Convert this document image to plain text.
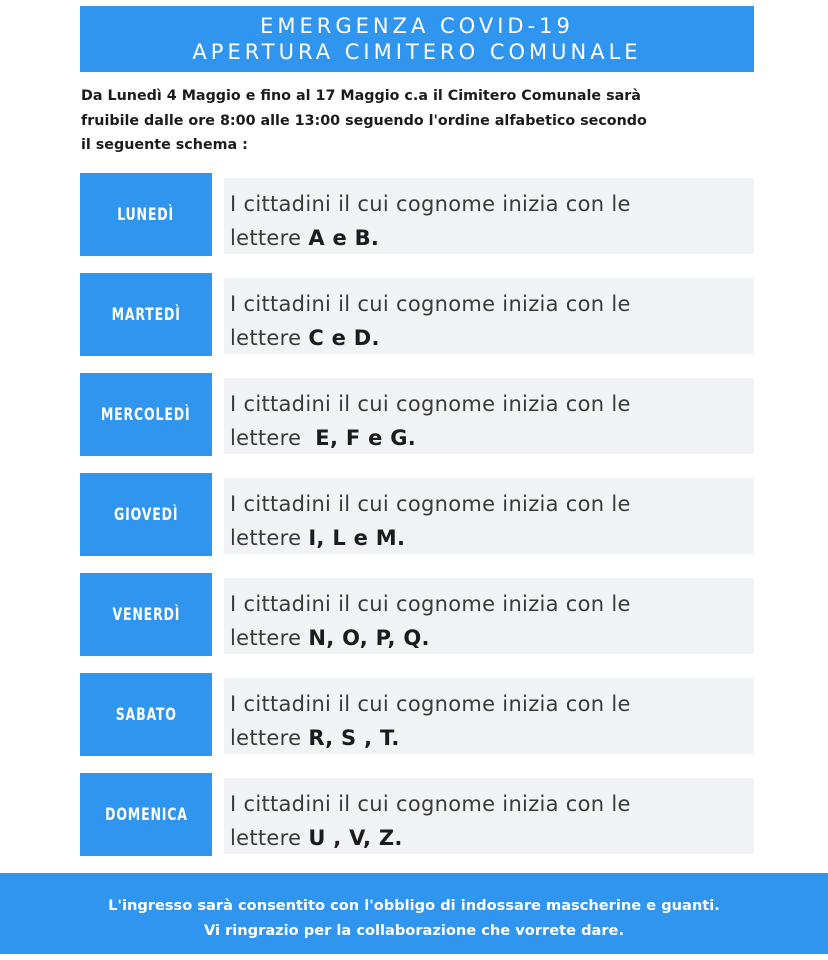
EMERGENZA COVID-19
APERTURA CIMITERO COMUNALE
Da Lunedì 4 Maggio e fino al 17 Maggio c.a il Cimitero Comunale sarà
fruibile dalle ore 8:00 alle 13:00 seguendo l'ordine alfabetico secondo
il seguente schema :
LUNEDÌ	I cittadini il cui cognome inizia con le
lettere A e B.
MARTEDÌ I cittadini il cui cognome inizia con le
lettere C e D.
MERCOLEDÌ I cittadini il cui cognome inizia con le
lettere  E, F e G.
GIOVEDÌ I cittadini il cui cognome inizia con le
lettere I, L e M.
VENERDÌ I cittadini il cui cognome inizia con le
lettere N, O, P, Q.
SABATO	I cittadini il cui cognome inizia con le
lettere R, S , T.
DOMENICA I cittadini il cui cognome inizia con le
lettere U , V, Z.
L'ingresso sarà consentito con l'obbligo di indossare mascherine e guanti.
Vi ringrazio per la collaborazione che vorrete dare.
